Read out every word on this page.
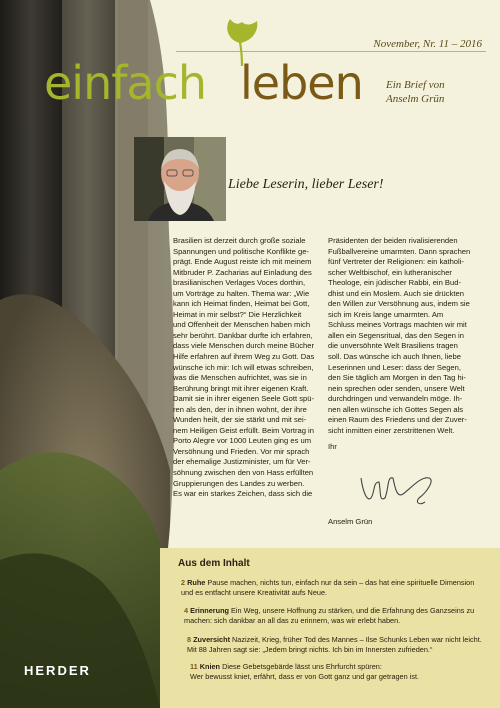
November, Nr. 11 – 2016
einfach leben Ein Brief von
Anselm Grün
Liebe Leserin, lieber Leser!
Brasilien ist derzeit durch große soziale
Spannungen und politische Konflikte ge-
prägt. Ende August reiste ich mit meinem
Mitbruder P. Zacharias auf Einladung des
brasilianischen Verlages Voces dorthin,
um Vorträge zu halten. Thema war: „Wie
kann ich Heimat finden, Heimat bei Gott,
Heimat in mir selbst?“ Die Herzlichkeit
und Offenheit der Menschen haben mich
sehr berührt. Dankbar durfte ich erfahren,
dass viele Menschen durch meine Bücher
Hilfe erfahren auf ihrem Weg zu Gott. Das
wünsche ich mir: Ich will etwas schreiben,
was die Menschen aufrichtet, was sie in
Berührung bringt mit ihrer eigenen Kraft.
Damit sie in ihrer eigenen Seele Gott spü-
ren als den, der in ihnen wohnt, der ihre
Wunden heilt, der sie stärkt und mit sei-
nem Heiligen Geist erfüllt. Beim Vortrag in
Porto Alegre vor 1000 Leuten ging es um
Versöhnung und Frieden. Vor mir sprach
der ehemalige Justizminister, um für Ver-
söhnung zwischen den von Hass erfüllten
Gruppierungen des Landes zu werben.
Es war ein starkes Zeichen, dass sich die
Präsidenten der beiden rivalisierenden
Fußballvereine umarmten. Dann sprachen
fünf Vertreter der Religionen: ein katholi-
scher Weltbischof, ein lutheranischer
Theologe, ein jüdischer Rabbi, ein Bud-
dhist und ein Moslem. Auch sie drückten
den Willen zur Versöhnung aus, indem sie
sich im Kreis lange umarmten. Am
Schluss meines Vortrags machten wir mit
allen ein Segensritual, das den Segen in
die unversöhnte Welt Brasiliens tragen
soll. Das wünsche ich auch Ihnen, liebe
Leserinnen und Leser: dass der Segen,
den Sie täglich am Morgen in den Tag hi-
nein sprechen oder senden, unsere Welt
durchdringen und verwandeln möge. Ih-
nen allen wünsche ich Gottes Segen als
einen Raum des Friedens und der Zuver-
sicht inmitten einer zerstrittenen Welt.
Ihr
Anselm Grün
Aus dem Inhalt
2 Ruhe Pause machen, nichts tun, einfach nur da sein – das hat eine spirituelle Dimension
und es entfacht unsere Kreativität aufs Neue.
4 Erinnerung Ein Weg, unsere Hoffnung zu stärken, und die Erfahrung des Ganzseins zu
machen: sich dankbar an all das zu erinnern, was wir erlebt haben.
8 Zuversicht Nazizeit, Krieg, früher Tod des Mannes – Ilse Schunks Leben war nicht leicht.
Mit 88 Jahren sagt sie: „Jedem bringt nichts. Ich bin im Innersten zufrieden.“
11 Knien Diese Gebetsgebärde lässt uns Ehrfurcht spüren:
Wer bewusst kniet, erfährt, dass er von Gott ganz und gar getragen ist.
HERDER
